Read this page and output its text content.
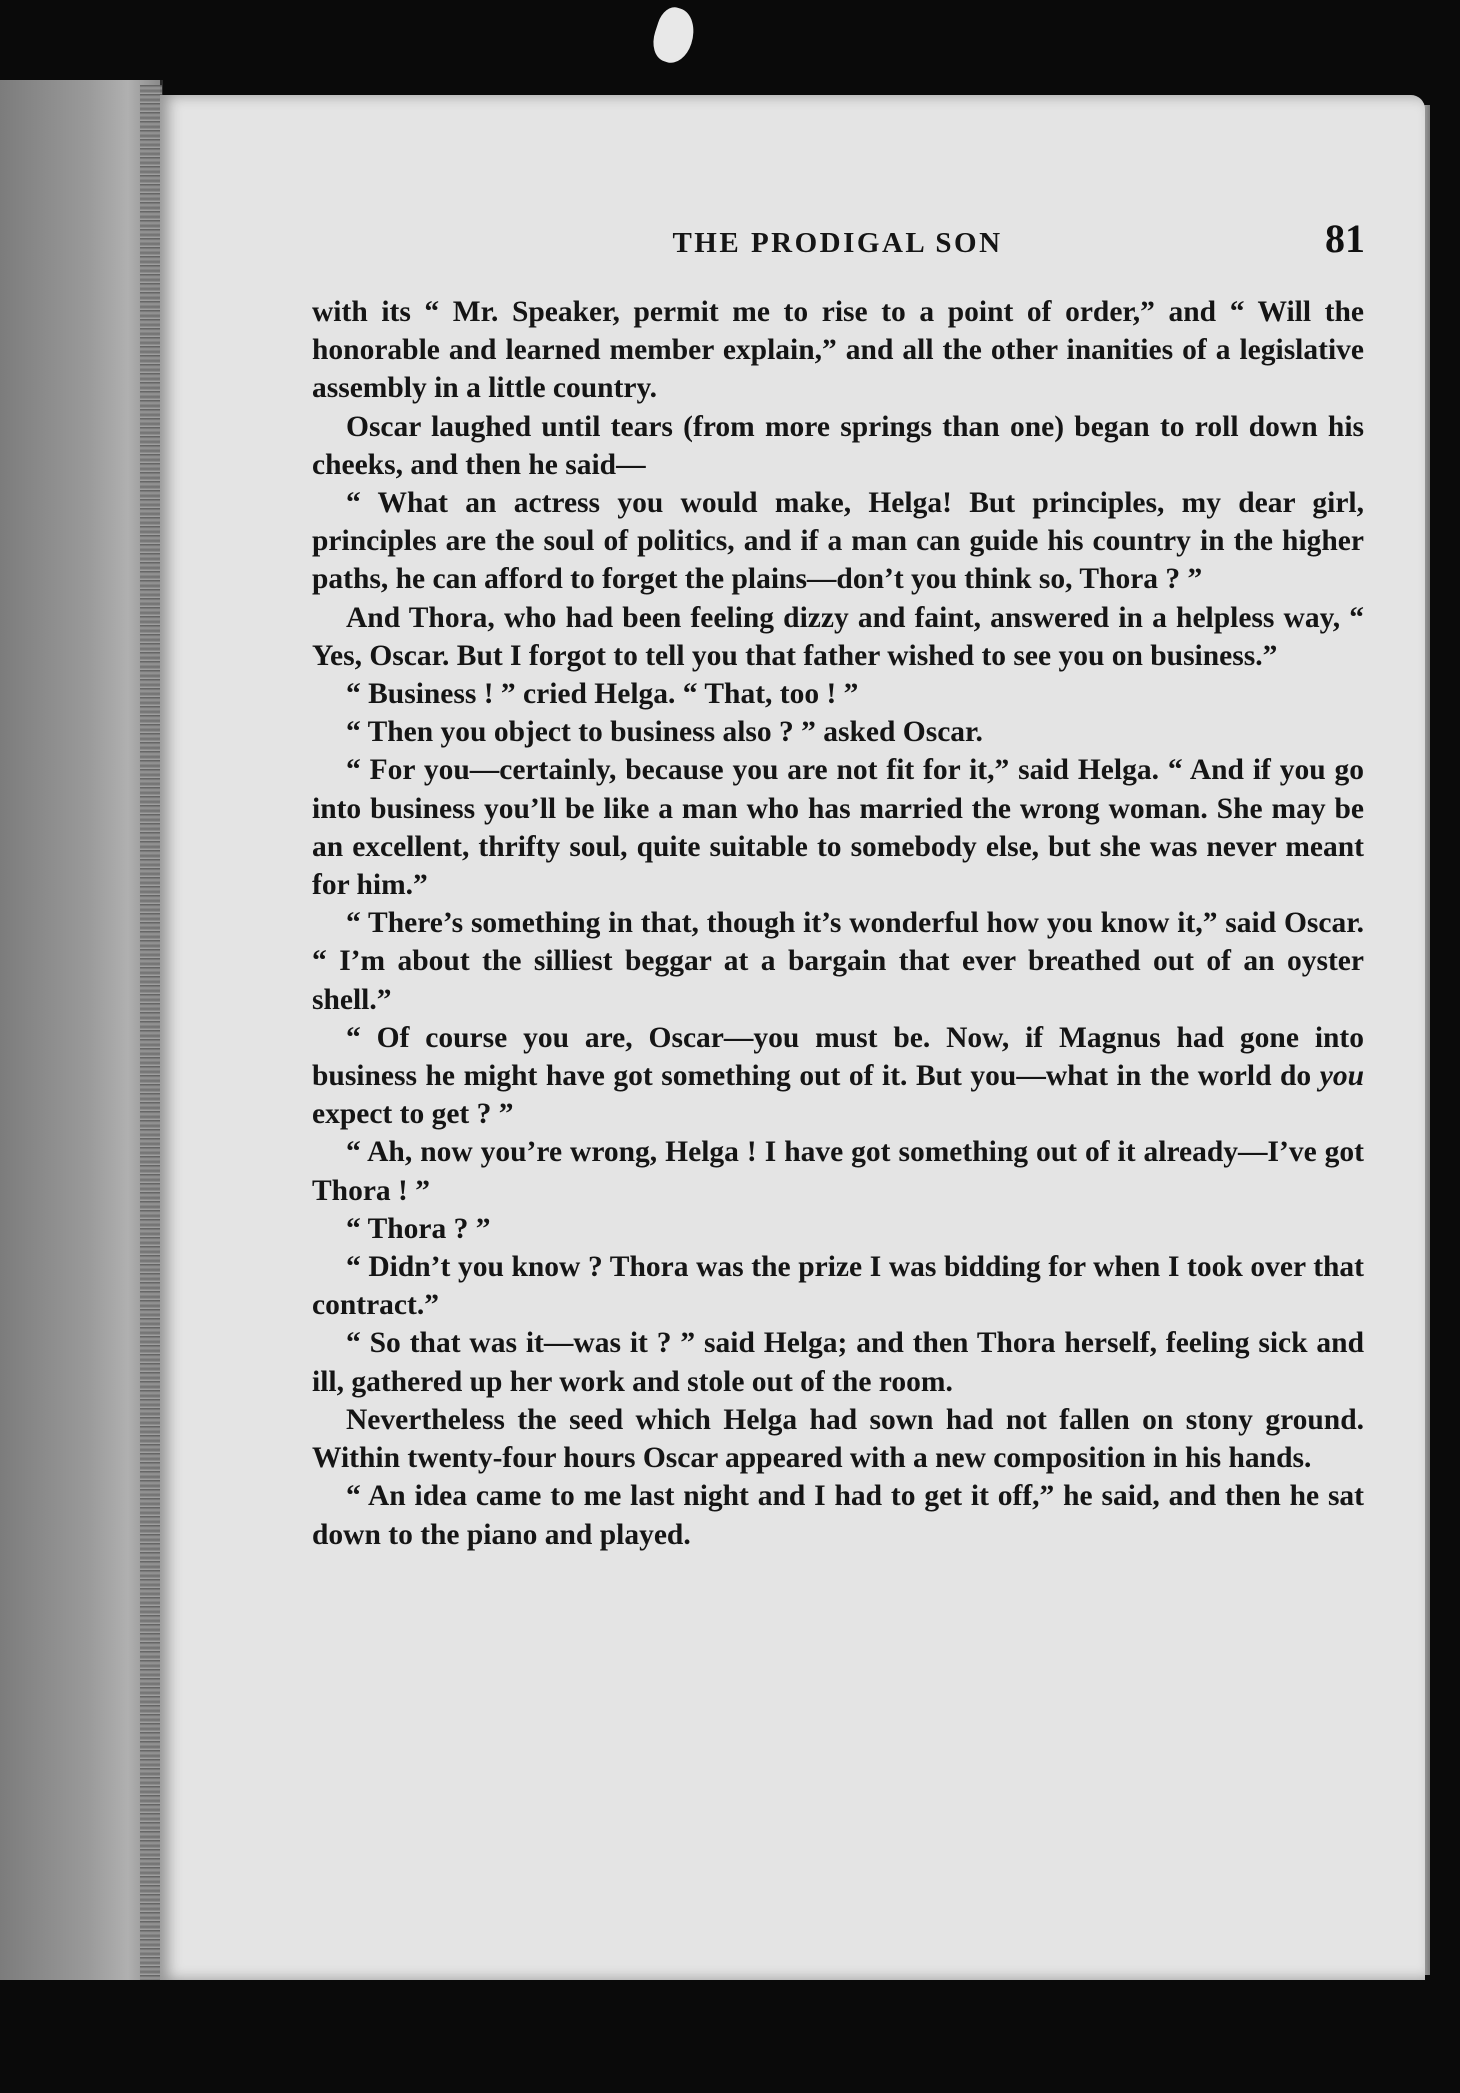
THE PRODIGAL SON	81

with its “ Mr. Speaker, permit me to rise to a point of order,” and “ Will the honorable and learned member explain,” and all the other inanities of a legislative assembly in a little country.

Oscar laughed until tears (from more springs than one) began to roll down his cheeks, and then he said—

“ What an actress you would make, Helga! But principles, my dear girl, principles are the soul of politics, and if a man can guide his country in the higher paths, he can afford to forget the plains—don’t you think so, Thora ? ”

And Thora, who had been feeling dizzy and faint, answered in a helpless way, “ Yes, Oscar. But I forgot to tell you that father wished to see you on business.”

“ Business ! ” cried Helga. “ That, too ! ”

“ Then you object to business also ? ” asked Oscar.

“ For you—certainly, because you are not fit for it,” said Helga. “ And if you go into business you’ll be like a man who has married the wrong woman. She may be an excellent, thrifty soul, quite suitable to somebody else, but she was never meant for him.”

“ There’s something in that, though it’s wonderful how you know it,” said Oscar. “ I’m about the silliest beggar at a bargain that ever breathed out of an oyster shell.”

“ Of course you are, Oscar—you must be. Now, if Magnus had gone into business he might have got something out of it. But you—what in the world do you expect to get ? ”

“ Ah, now you’re wrong, Helga ! I have got something out of it already—I’ve got Thora ! ”

“ Thora ? ”

“ Didn’t you know ? Thora was the prize I was bidding for when I took over that contract.”

“ So that was it—was it ? ” said Helga; and then Thora herself, feeling sick and ill, gathered up her work and stole out of the room.

Nevertheless the seed which Helga had sown had not fallen on stony ground. Within twenty-four hours Oscar appeared with a new composition in his hands.

“ An idea came to me last night and I had to get it off,” he said, and then he sat down to the piano and played.
